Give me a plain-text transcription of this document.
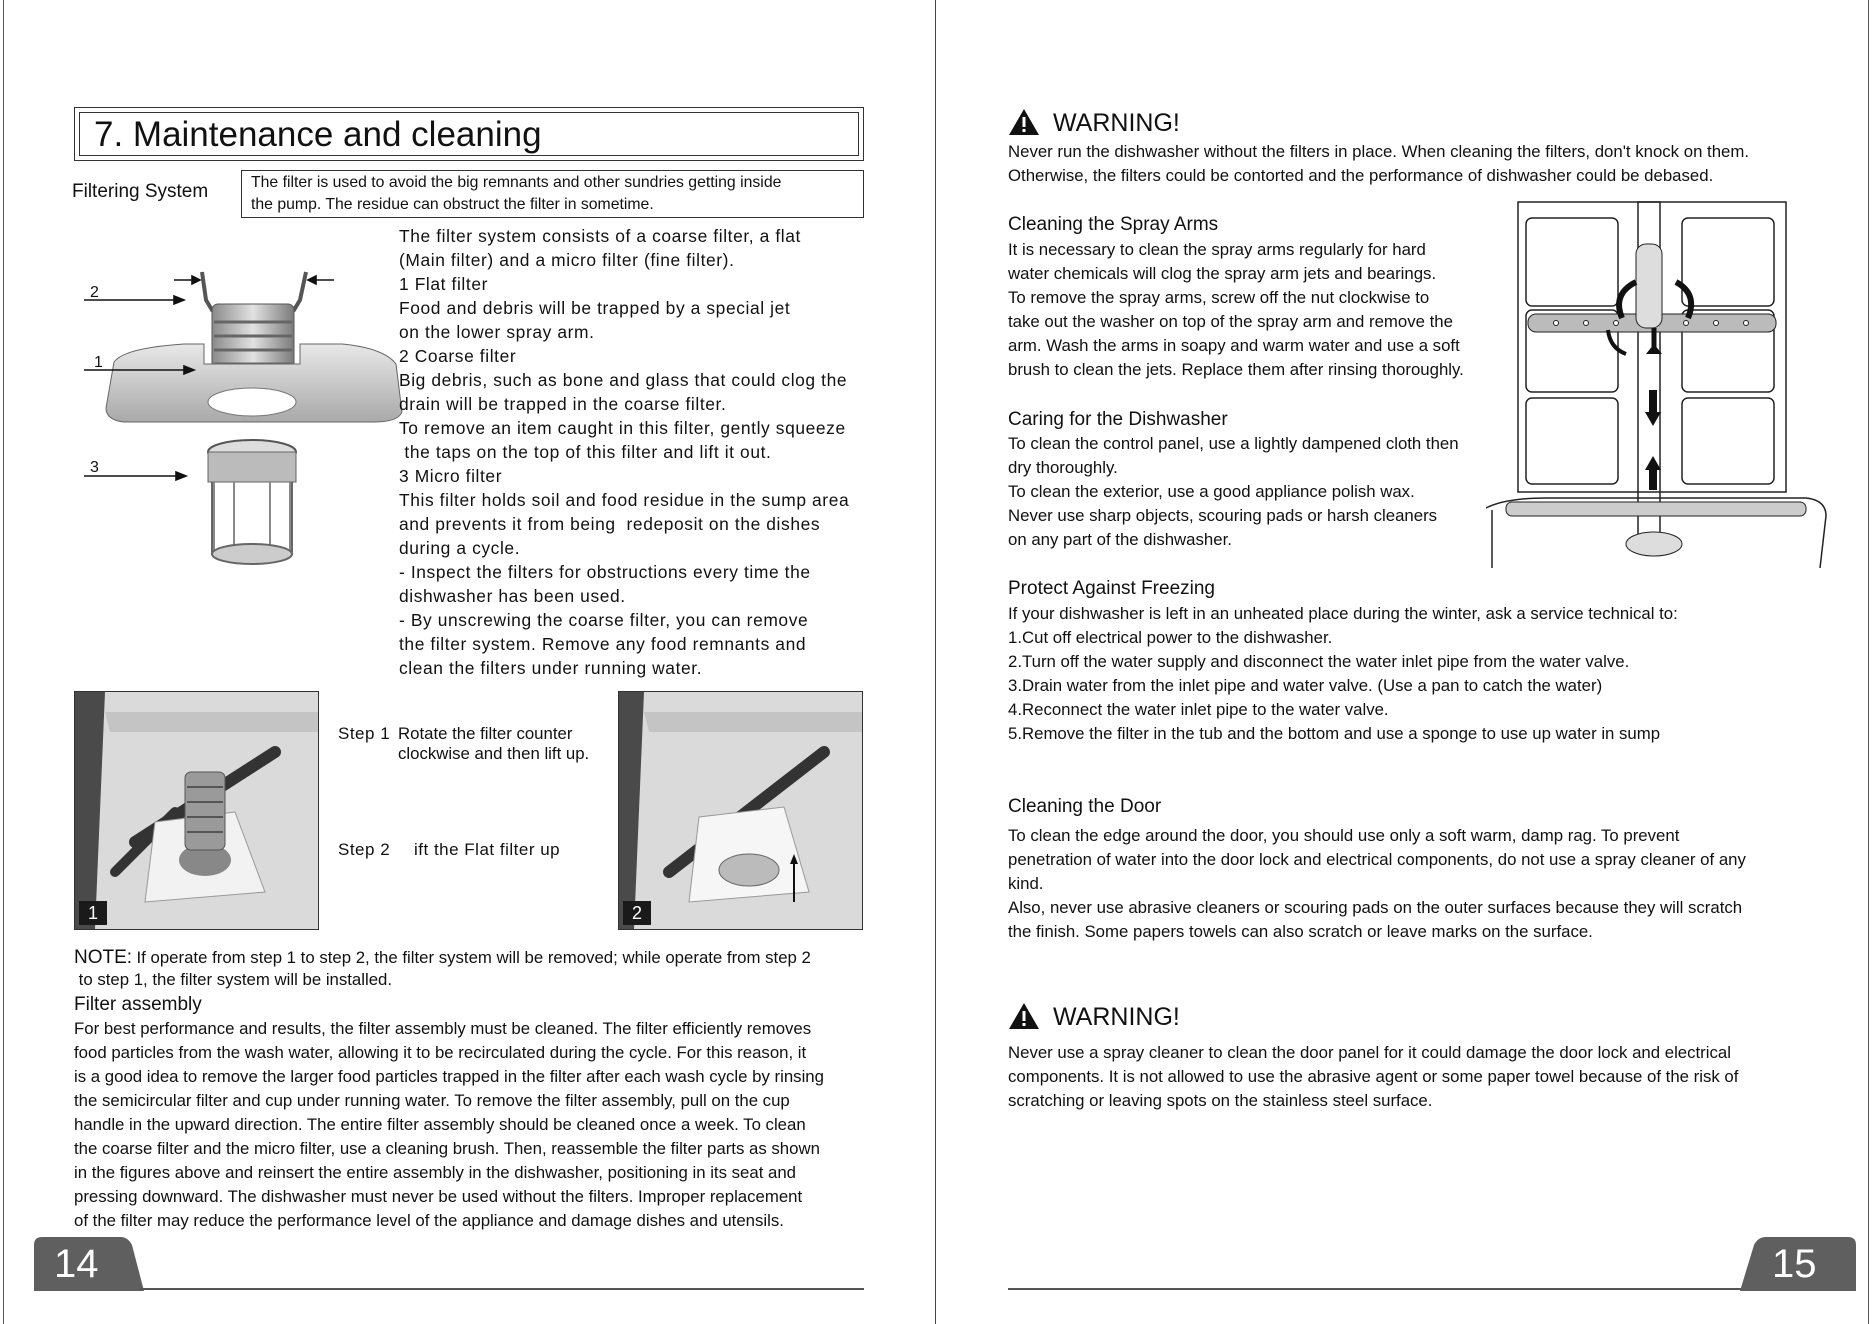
7. Maintenance and cleaning
Filtering System	The filter is used to avoid the big remnants and other sundries getting inside
the pump. The residue can obstruct the filter in sometime.
2
1
3
The filter system consists of a coarse filter, a flat
(Main filter) and a micro filter (fine filter).
1 Flat filter
Food and debris will be trapped by a special jet
on the lower spray arm.
2 Coarse filter
Big debris, such as bone and glass that could clog the
drain will be trapped in the coarse filter.
To remove an item caught in this filter, gently squeeze
the taps on the top of this filter and lift it out.
3 Micro filter
This filter holds soil and food residue in the sump area
and prevents it from being  redeposit on the dishes
during a cycle.
- Inspect the filters for obstructions every time the
dishwasher has been used.
- By unscrewing the coarse filter, you can remove
the filter system. Remove any food remnants and
clean the filters under running water.
1
Step 1 Rotate the filter counter
clockwise and then lift up.
Step 2 ift the Flat filter up
2
NOTE: If operate from step 1 to step 2, the filter system will be removed; while operate from step 2
to step 1, the filter system will be installed.
Filter assembly
For best performance and results, the filter assembly must be cleaned. The filter efficiently removes
food particles from the wash water, allowing it to be recirculated during the cycle. For this reason, it
is a good idea to remove the larger food particles trapped in the filter after each wash cycle by rinsing
the semicircular filter and cup under running water. To remove the filter assembly, pull on the cup
handle in the upward direction. The entire filter assembly should be cleaned once a week. To clean
the coarse filter and the micro filter, use a cleaning brush. Then, reassemble the filter parts as shown
in the figures above and reinsert the entire assembly in the dishwasher, positioning in its seat and
pressing downward. The dishwasher must never be used without the filters. Improper replacement
of the filter may reduce the performance level of the appliance and damage dishes and utensils.
14
WARNING!
Never run the dishwasher without the filters in place. When cleaning the filters, don't knock on them.
Otherwise, the filters could be contorted and the performance of dishwasher could be debased.
Cleaning the Spray Arms
It is necessary to clean the spray arms regularly for hard
water chemicals will clog the spray arm jets and bearings.
To remove the spray arms, screw off the nut clockwise to
take out the washer on top of the spray arm and remove the
arm. Wash the arms in soapy and warm water and use a soft
brush to clean the jets. Replace them after rinsing thoroughly.
Caring for the Dishwasher
To clean the control panel, use a lightly dampened cloth then
dry thoroughly.
To clean the exterior, use a good appliance polish wax.
Never use sharp objects, scouring pads or harsh cleaners
on any part of the dishwasher.
Protect Against Freezing
If your dishwasher is left in an unheated place during the winter, ask a service technical to:
1.Cut off electrical power to the dishwasher.
2.Turn off the water supply and disconnect the water inlet pipe from the water valve.
3.Drain water from the inlet pipe and water valve. (Use a pan to catch the water)
4.Reconnect the water inlet pipe to the water valve.
5.Remove the filter in the tub and the bottom and use a sponge to use up water in sump
Cleaning the Door
To clean the edge around the door, you should use only a soft warm, damp rag. To prevent
penetration of water into the door lock and electrical components, do not use a spray cleaner of any
kind.
Also, never use abrasive cleaners or scouring pads on the outer surfaces because they will scratch
the finish. Some papers towels can also scratch or leave marks on the surface.
WARNING!
Never use a spray cleaner to clean the door panel for it could damage the door lock and electrical
components. It is not allowed to use the abrasive agent or some paper towel because of the risk of
scratching or leaving spots on the stainless steel surface.
15
